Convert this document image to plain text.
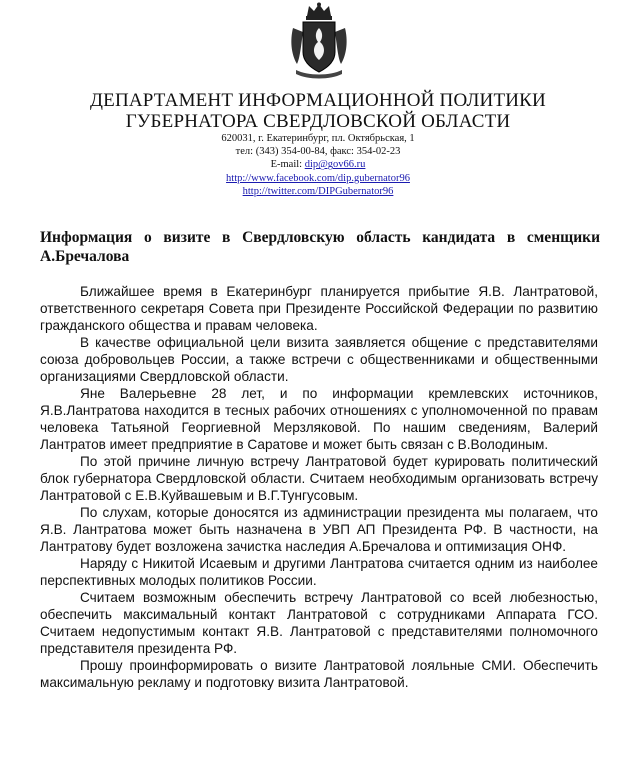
ДЕПАРТАМЕНТ ИНФОРМАЦИОННОЙ ПОЛИТИКИ
ГУБЕРНАТОРА СВЕРДЛОВСКОЙ ОБЛАСТИ
620031, г. Екатеринбург, пл. Октябрьская, 1
тел: (343) 354-00-84, факс: 354-02-23
E-mail: dip@gov66.ru
http://www.facebook.com/dip.gubernator96
http://twitter.com/DIPGubernator96
Информация о визите в Свердловскую область кандидата в сменщики А.Бречалова

Ближайшее время в Екатеринбург планируется прибытие Я.В. Лантратовой, ответственного секретаря Совета при Президенте Российской Федерации по развитию гражданского общества и правам человека.

В качестве официальной цели визита заявляется общение с представителями союза добровольцев России, а также встречи с общественниками и общественными организациями Свердловской области.

Яне Валерьевне 28 лет, и по информации кремлевских источников, Я.В.Лантратова находится в тесных рабочих отношениях с уполномоченной по правам человека Татьяной Георгиевной Мерзляковой. По нашим сведениям, Валерий Лантратов имеет предприятие в Саратове и может быть связан с В.Володиным.

По этой причине личную встречу Лантратовой будет курировать политический блок губернатора Свердловской области. Считаем необходимым организовать встречу Лантратовой с Е.В.Куйвашевым и В.Г.Тунгусовым.

По слухам, которые доносятся из администрации президента мы полагаем, что Я.В. Лантратова может быть назначена в УВП АП Президента РФ. В частности, на Лантратову будет возложена зачистка наследия А.Бречалова и оптимизация ОНФ.

Наряду с Никитой Исаевым и другими Лантратова считается одним из наиболее перспективных молодых политиков России.

Считаем возможным обеспечить встречу Лантратовой со всей любезностью, обеспечить максимальный контакт Лантратовой с сотрудниками Аппарата ГСО. Считаем недопустимым контакт Я.В. Лантратовой с представителями полномочного представителя президента РФ.

Прошу проинформировать о визите Лантратовой лояльные СМИ. Обеспечить максимальную рекламу и подготовку визита Лантратовой.
